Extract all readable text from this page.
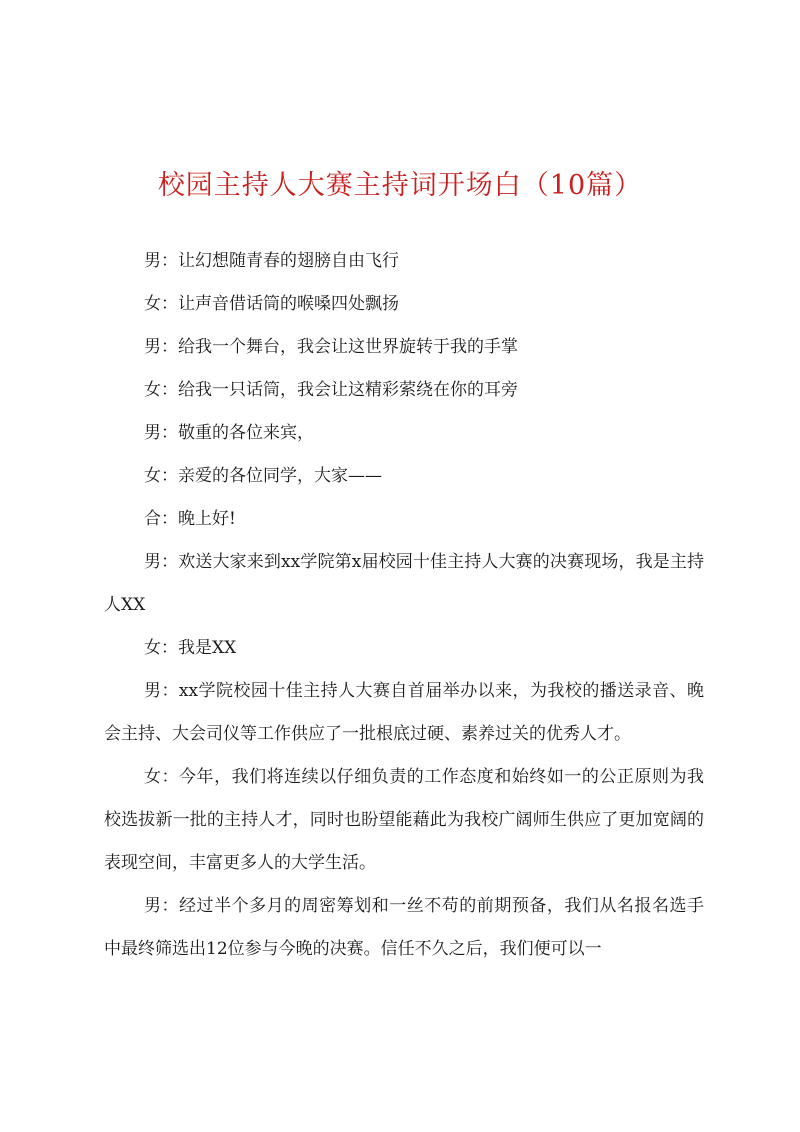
校园主持人大赛主持词开场白（10篇）

男：让幻想随青春的翅膀自由飞行

女：让声音借话筒的喉嗓四处飘扬

男：给我一个舞台，我会让这世界旋转于我的手掌

女：给我一只话筒，我会让这精彩萦绕在你的耳旁

男：敬重的各位来宾，

女：亲爱的各位同学，大家——

合：晚上好!

男：欢送大家来到xx学院第x届校园十佳主持人大赛的决赛现场，我是主持人XX

女：我是XX

男：xx学院校园十佳主持人大赛自首届举办以来，为我校的播送录音、晚会主持、大会司仪等工作供应了一批根底过硬、素养过关的优秀人才。

女：今年，我们将连续以仔细负责的工作态度和始终如一的公正原则为我校选拔新一批的主持人才，同时也盼望能藉此为我校广阔师生供应了更加宽阔的表现空间，丰富更多人的大学生活。

男：经过半个多月的周密筹划和一丝不苟的前期预备，我们从名报名选手中最终筛选出12位参与今晚的决赛。信任不久之后，我们便可以一
